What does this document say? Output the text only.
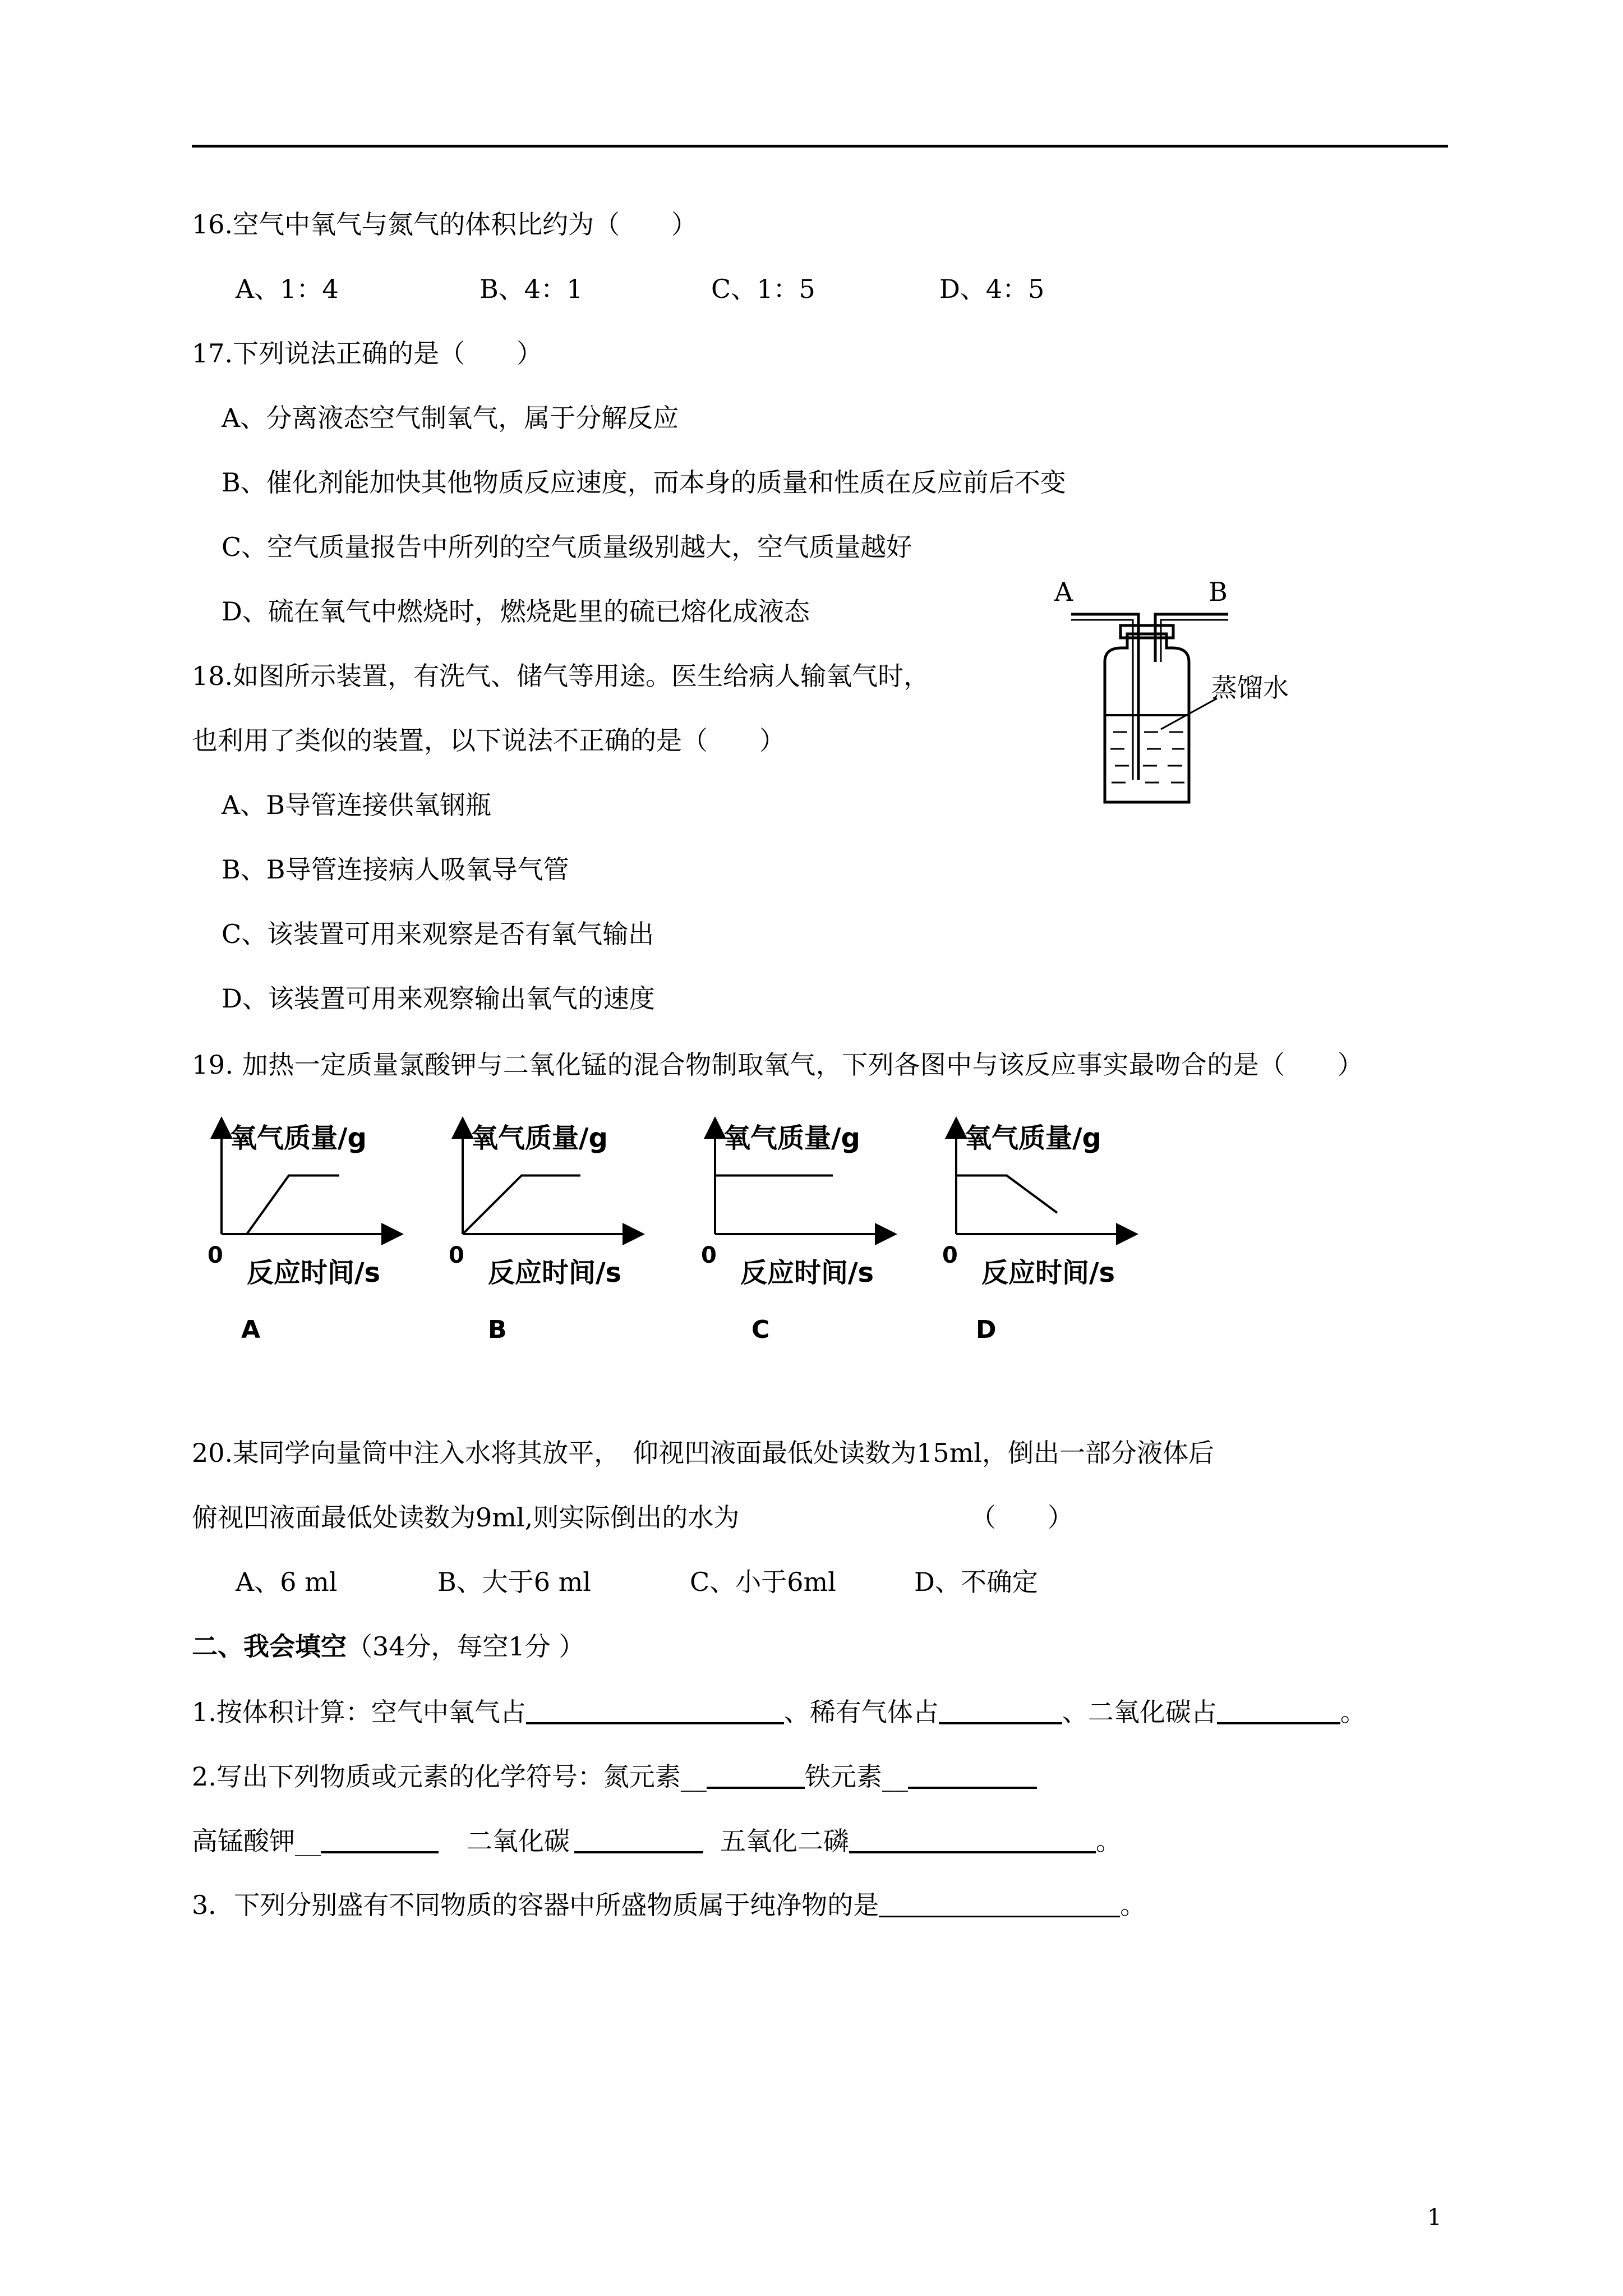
16.空气中氧气与氮气的体积比约为（　　）
A、1：4	B、4：1	C、1：5	D、4：5
17.下列说法正确的是（　　）
A、分离液态空气制氧气，属于分解反应
B、催化剂能加快其他物质反应速度，而本身的质量和性质在反应前后不变
C、空气质量报告中所列的空气质量级别越大，空气质量越好
D、硫在氧气中燃烧时，燃烧匙里的硫已熔化成液态
18.如图所示装置，有洗气、储气等用途。医生给病人输氧气时，
也利用了类似的装置，以下说法不正确的是（　　）
A、B导管连接供氧钢瓶
B、B导管连接病人吸氧导气管
C、该装置可用来观察是否有氧气输出
D、该装置可用来观察输出氧气的速度
A	B
蒸馏水
19. 加热一定质量氯酸钾与二氧化锰的混合物制取氧气，下列各图中与该反应事实最吻合的是（　　）
氧气质量/g
0
反应时间/s
A
氧气质量/g
0
反应时间/s
B
氧气质量/g
0
反应时间/s
C
氧气质量/g
0
反应时间/s
D
20.某同学向量筒中注入水将其放平，　仰视凹液面最低处读数为15ml，倒出一部分液体后
俯视凹液面最低处读数为9ml,则实际倒出的水为	（　　）
A、6 ml	B、大于6 ml	C、小于6ml	D、不确定
二、我会填空（34分，每空1分 ）
1.按体积计算：空气中氧气占	、稀有气体占	、二氧化碳占	。
2.写出下列物质或元素的化学符号：氮元素__	铁元素__
高锰酸钾__	二氧化碳	五氧化二磷	。
3．下列分别盛有不同物质的容器中所盛物质属于纯净物的是	。
1
